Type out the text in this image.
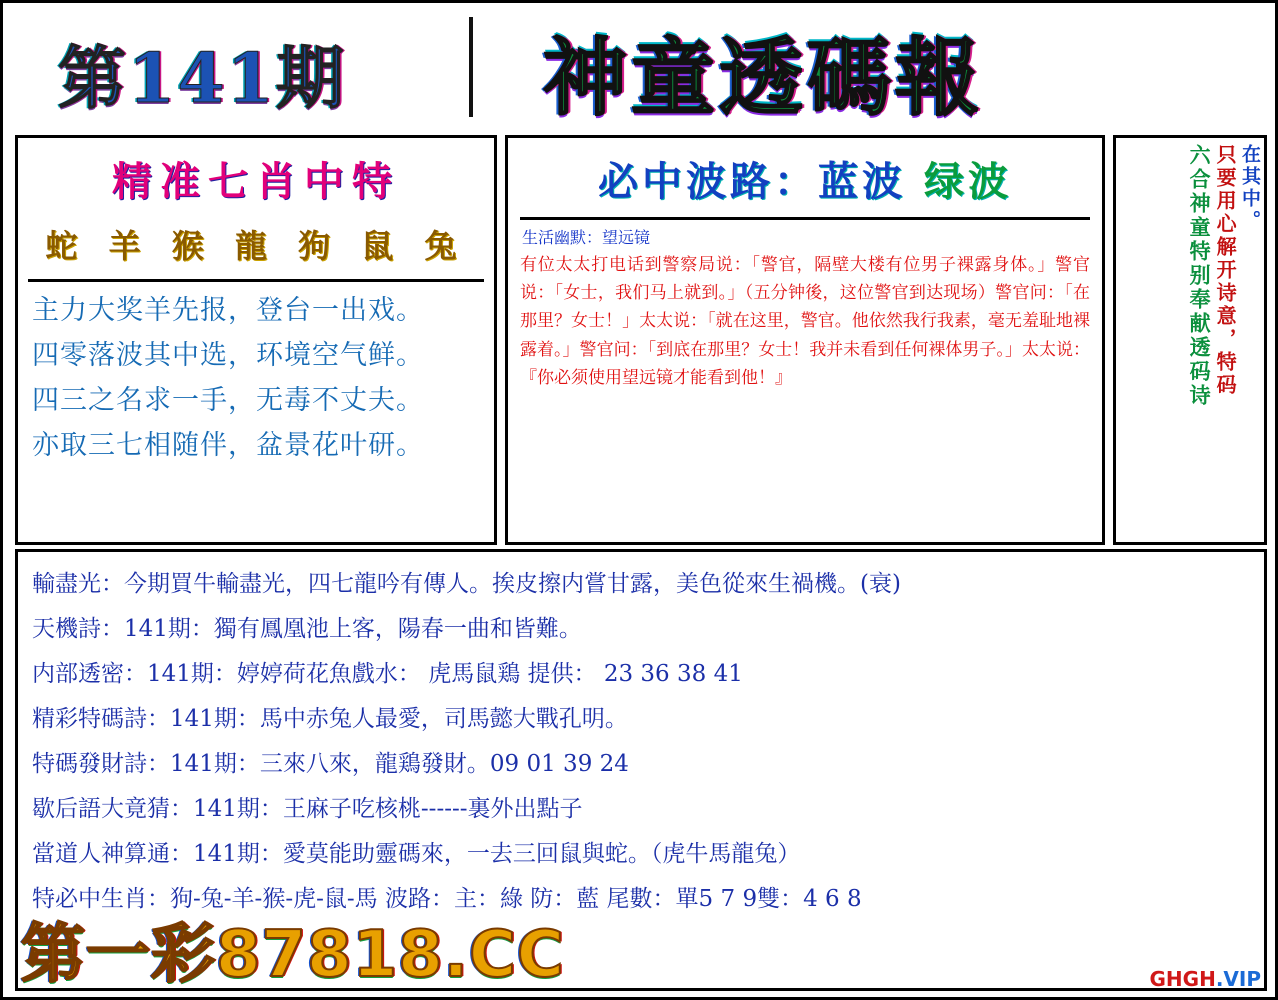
第141期 神童透碼報
精准七肖中特
蛇 羊 猴 龍 狗 鼠 兔
主力大奖羊先报，登台一出戏。
四零落波其中选，环境空气鲜。
四三之名求一手，无毒不丈夫。
亦取三七相随伴，盆景花叶研。
必中波路：蓝波 绿波
生活幽默：望远镜
有位太太打电话到警察局说：「警官，隔壁大楼有位男子裸露身体。」警官说：「女士，我们马上就到。」（五分钟後，这位警官到达现场）警官问：「在那里？女士！」太太说：「就在这里，警官。他依然我行我素，毫无羞耻地裸露着。」警官问：「到底在那里？女士！我并未看到任何裸体男子。」太太说：『你必须使用望远镜才能看到他！』
在其中。
只要用心解开诗意，特码
六合神童特别奉献透码诗
輸盡光：今期買牛輸盡光，四七龍吟有傳人。挨皮擦内嘗甘露，美色從來生禍機。(衰)
天機詩：141期：獨有鳳凰池上客，陽春一曲和皆難。
内部透密：141期：婷婷荷花魚戲水： 虎馬鼠鶏 提供： 23 36 38 41
精彩特碼詩：141期：馬中赤兔人最愛，司馬懿大戰孔明。
特碼發財詩：141期：三來八來，龍鶏發財。09 01 39 24
歇后語大竟猜：141期：王麻子吃核桃------裏外出點子
當道人神算通：141期：愛莫能助靈碼來，一去三回鼠與蛇。（虎牛馬龍兔）
特必中生肖：狗-兔-羊-猴-虎-鼠-馬 波路：主：綠 防：藍 尾數：單5 7 9雙：4 6 8
第一彩87818.CC	GHGH.VIP
